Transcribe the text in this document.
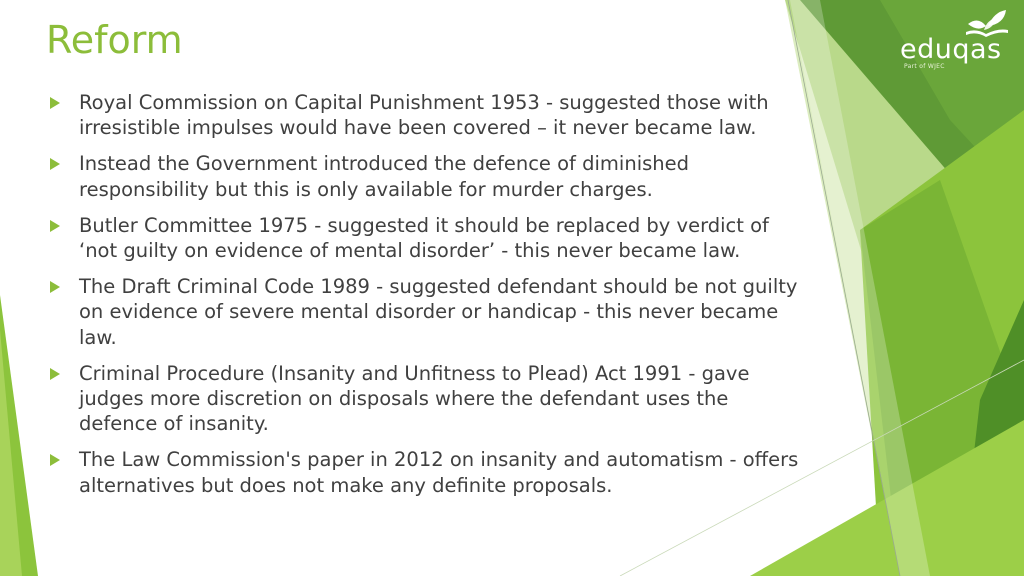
Reform	eduqas
Part of WJEC
Royal Commission on Capital Punishment 1953 - suggested those with irresistible impulses would have been covered – it never became law.
Instead the Government introduced the defence of diminished responsibility but this is only available for murder charges.
Butler Committee 1975 - suggested it should be replaced by verdict of ‘not guilty on evidence of mental disorder’ - this never became law.
The Draft Criminal Code 1989 - suggested defendant should be not guilty on evidence of severe mental disorder or handicap - this never became law.
Criminal Procedure (Insanity and Unfitness to Plead) Act 1991 - gave judges more discretion on disposals where the defendant uses the defence of insanity.
The Law Commission's paper in 2012 on insanity and automatism - offers alternatives but does not make any definite proposals.
